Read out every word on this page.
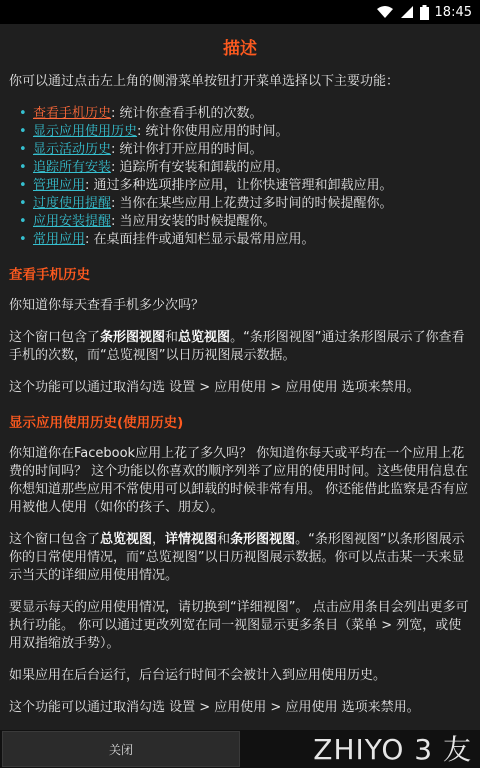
18:45
描述

你可以通过点击左上角的侧滑菜单按钮打开菜单选择以下主要功能：

• 查看手机历史: 统计你查看手机的次数。
• 显示应用使用历史: 统计你使用应用的时间。
• 显示活动历史: 统计你打开应用的时间。
• 追踪所有安装: 追踪所有安装和卸载的应用。
• 管理应用: 通过多种选项排序应用，让你快速管理和卸载应用。
• 过度使用提醒: 当你在某些应用上花费过多时间的时候提醒你。
• 应用安装提醒: 当应用安装的时候提醒你。
• 常用应用: 在桌面挂件或通知栏显示最常用应用。
查看手机历史

你知道你每天查看手机多少次吗？

这个窗口包含了条形图视图和总览视图。“条形图视图”通过条形图展示了你查看手机的次数，而“总览视图”以日历视图展示数据。

这个功能可以通过取消勾选 设置 > 应用使用 > 应用使用 选项来禁用。

显示应用使用历史(使用历史)

你知道你在Facebook应用上花了多久吗？ 你知道你每天或平均在一个应用上花费的时间吗？ 这个功能以你喜欢的顺序列举了应用的使用时间。这些使用信息在你想知道那些应用不常使用可以卸载的时候非常有用。 你还能借此监察是否有应用被他人使用（如你的孩子、朋友）。

这个窗口包含了总览视图，详情视图和条形图视图。“条形图视图”以条形图展示你的日常使用情况，而“总览视图”以日历视图展示数据。你可以点击某一天来显示当天的详细应用使用情况。

要显示每天的应用使用情况，请切换到“详细视图”。 点击应用条目会列出更多可执行功能。 你可以通过更改列宽在同一视图显示更多条目（菜单 > 列宽，或使用双指缩放手势）。

如果应用在后台运行，后台运行时间不会被计入到应用使用历史。

这个功能可以通过取消勾选 设置 > 应用使用 > 应用使用 选项来禁用。

关闭	ZHIYO 3 友
